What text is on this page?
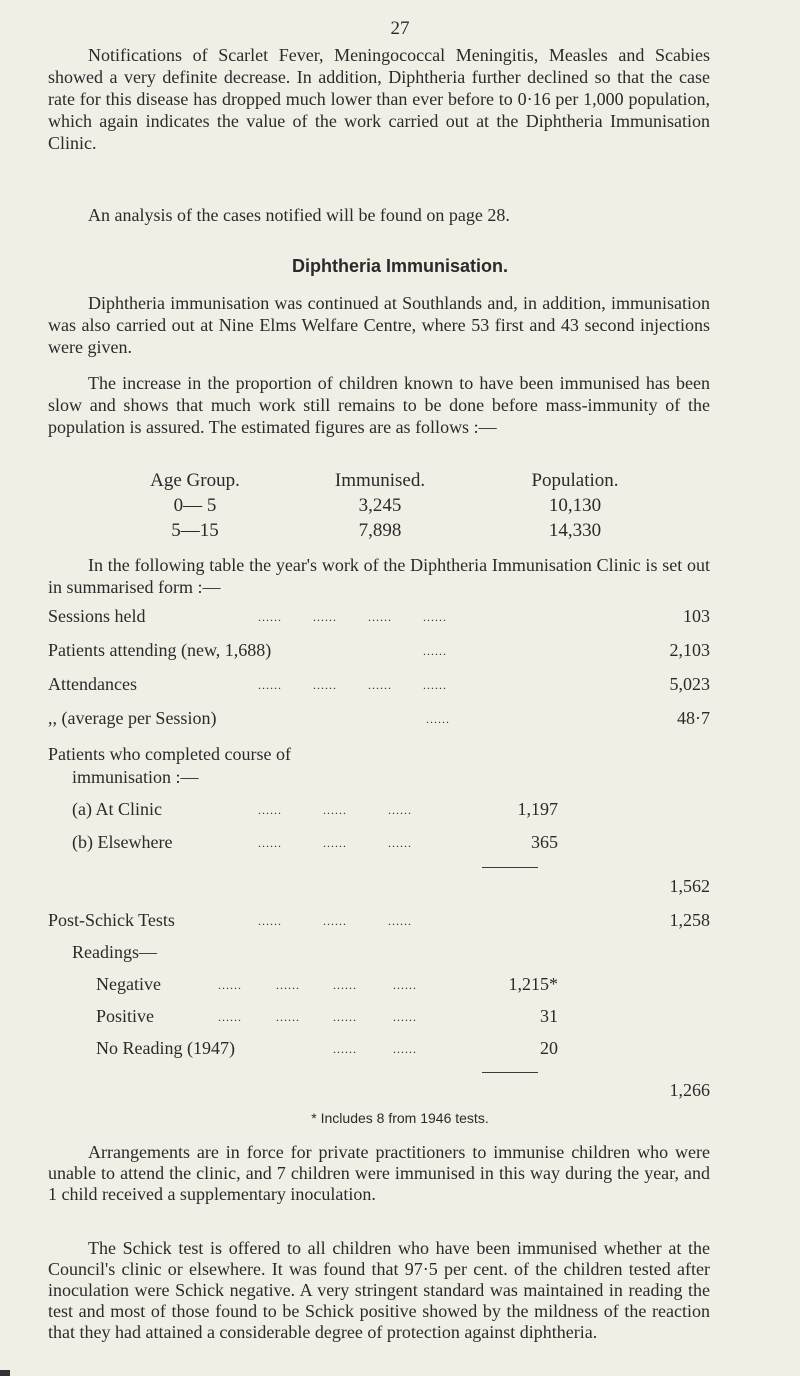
27

Notifications of Scarlet Fever, Meningococcal Meningitis, Measles and Scabies showed a very definite decrease. In addition, Diphtheria further declined so that the case rate for this disease has dropped much lower than ever before to 0·16 per 1,000 population, which again indicates the value of the work carried out at the Diphtheria Immunisation Clinic.

An analysis of the cases notified will be found on page 28.

Diphtheria Immunisation.

Diphtheria immunisation was continued at Southlands and, in addition, immunisation was also carried out at Nine Elms Welfare Centre, where 53 first and 43 second injections were given.

The increase in the proportion of children known to have been immunised has been slow and shows that much work still remains to be done before mass-immunity of the population is assured. The estimated figures are as follows :—

Age Group.	Immunised.	Population.
0— 5	3,245	10,130
5—15	7,898	14,330

In the following table the year's work of the Diphtheria Immunisation Clinic is set out in summarised form :—

Sessions held	......	......	......	......	103
Patients attending (new, 1,688)	......	2,103
Attendances	......	......	......	......	5,023
,, (average per Session)	......	48·7
Patients who completed course of
immunisation :—
(a) At Clinic	......	......	......	1,197
(b) Elsewhere	......	......	......	365
1,562
Post-Schick Tests	......	......	......	1,258
Readings—
Negative	......	......	......	......	1,215*
Positive	......	......	......	......	31
No Reading (1947)	......	......	20
1,266
* Includes 8 from 1946 tests.

Arrangements are in force for private practitioners to immunise children who were unable to attend the clinic, and 7 children were immunised in this way during the year, and 1 child received a supplementary inoculation.

The Schick test is offered to all children who have been immunised whether at the Council's clinic or elsewhere. It was found that 97·5 per cent. of the children tested after inoculation were Schick negative. A very stringent standard was maintained in reading the test and most of those found to be Schick positive showed by the mildness of the reaction that they had attained a considerable degree of protection against diphtheria.
